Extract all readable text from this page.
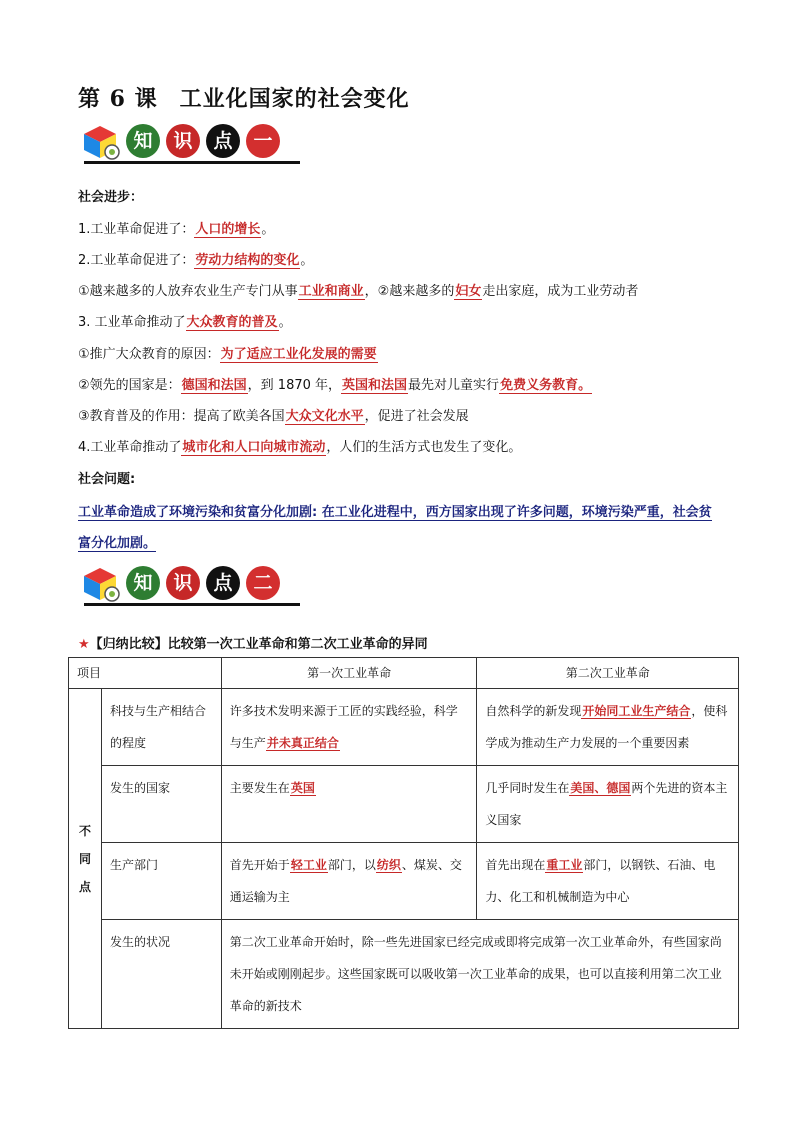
第 6 课 工业化国家的社会变化
知	识	点	一
社会进步：
1.工业革命促进了：人口的增长。
2.工业革命促进了：劳动力结构的变化。
①越来越多的人放弃农业生产专门从事工业和商业，②越来越多的妇女走出家庭，成为工业劳动者
3. 工业革命推动了大众教育的普及。
①推广大众教育的原因：为了适应工业化发展的需要
②领先的国家是：德国和法国，到 1870 年，英国和法国最先对儿童实行免费义务教育。
③教育普及的作用：提高了欧美各国大众文化水平，促进了社会发展
4.工业革命推动了城市化和人口向城市流动，人们的生活方式也发生了变化。
社会问题:
工业革命造成了环境污染和贫富分化加剧: 在工业化进程中，西方国家出现了许多问题，环境污染严重，社会贫富分化加剧。
知	识	点	二
★【归纳比较】比较第一次工业革命和第二次工业革命的异同
项目		第一次工业革命	第二次工业革命
不同点	科技与生产相结合的程度	许多技术发明来源于工匠的实践经验，科学与生产并未真正结合	自然科学的新发现开始同工业生产结合，使科学成为推动生产力发展的一个重要因素
	发生的国家	主要发生在英国	几乎同时发生在美国、德国两个先进的资本主义国家
	生产部门	首先开始于轻工业部门，以纺织、煤炭、交通运输为主	首先出现在重工业部门，以钢铁、石油、电力、化工和机械制造为中心
	发生的状况	第二次工业革命开始时，除一些先进国家已经完成或即将完成第一次工业革命外，有些国家尚未开始或刚刚起步。这些国家既可以吸收第一次工业革命的成果，也可以直接利用第二次工业革命的新技术	
